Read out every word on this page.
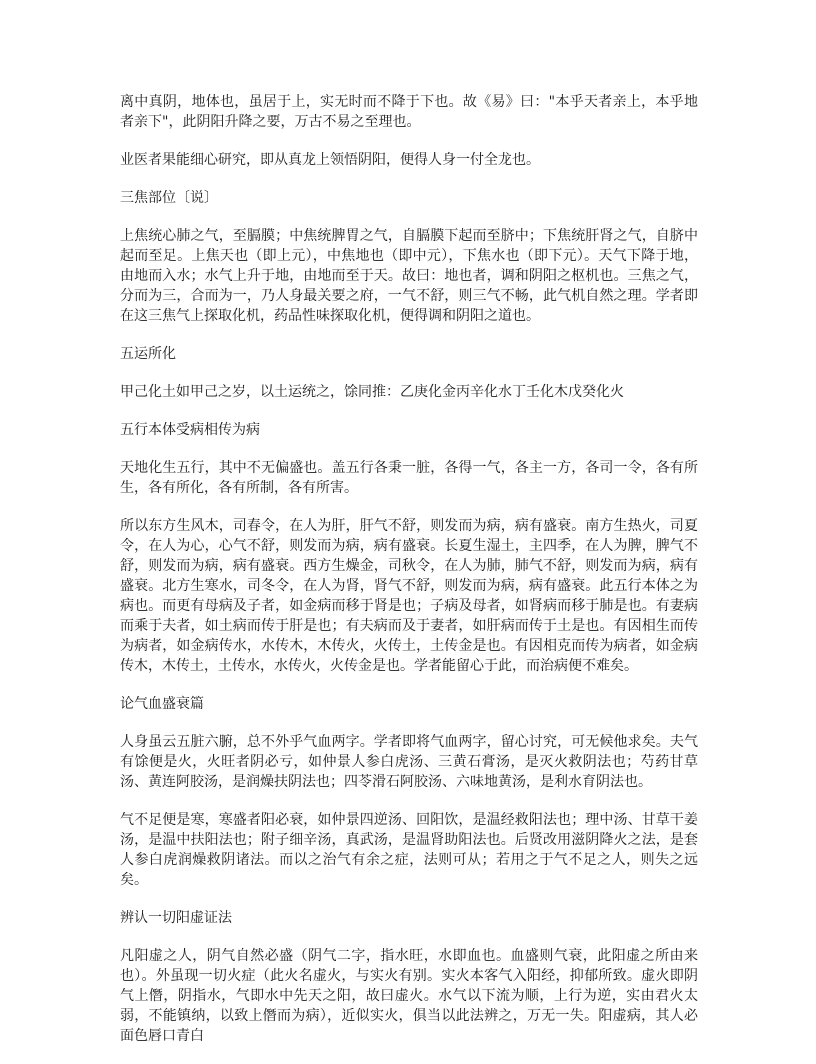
离中真阴，地体也，虽居于上，实无时而不降于下也。故《易》曰："本乎天者亲上，本乎地者亲下"，此阴阳升降之要，万古不易之至理也。

业医者果能细心研究，即从真龙上领悟阴阳，便得人身一付全龙也。

三焦部位〔说〕

上焦统心肺之气，至膈膜；中焦统脾胃之气，自膈膜下起而至脐中；下焦统肝肾之气，自脐中起而至足。上焦天也（即上元），中焦地也（即中元），下焦水也（即下元）。天气下降于地，由地而入水；水气上升于地，由地而至于天。故曰：地也者，调和阴阳之枢机也。三焦之气，分而为三，合而为一，乃人身最关要之府，一气不舒，则三气不畅，此气机自然之理。学者即在这三焦气上探取化机，药品性味探取化机，便得调和阴阳之道也。

五运所化

甲己化土如甲己之岁，以土运统之，馀同推：乙庚化金丙辛化水丁壬化木戊癸化火

五行本体受病相传为病

天地化生五行，其中不无偏盛也。盖五行各秉一脏，各得一气，各主一方，各司一令，各有所生，各有所化，各有所制，各有所害。

所以东方生风木，司春令，在人为肝，肝气不舒，则发而为病，病有盛衰。南方生热火，司夏令，在人为心，心气不舒，则发而为病，病有盛衰。长夏生湿土，主四季，在人为脾，脾气不舒，则发而为病，病有盛衰。西方生燥金，司秋令，在人为肺，肺气不舒，则发而为病，病有盛衰。北方生寒水，司冬令，在人为肾，肾气不舒，则发而为病，病有盛衰。此五行本体之为病也。而更有母病及子者，如金病而移于肾是也；子病及母者，如肾病而移于肺是也。有妻病而乘于夫者，如土病而传于肝是也；有夫病而及于妻者，如肝病而传于土是也。有因相生而传为病者，如金病传水，水传木，木传火，火传土，土传金是也。有因相克而传为病者，如金病传木，木传土，土传水，水传火，火传金是也。学者能留心于此，而治病便不难矣。

论气血盛衰篇

人身虽云五脏六腑，总不外乎气血两字。学者即将气血两字，留心讨究，可无候他求矣。夫气有馀便是火，火旺者阴必亏，如仲景人参白虎汤、三黄石膏汤，是灭火救阴法也；芍药甘草汤、黄连阿胶汤，是润燥扶阴法也；四苓滑石阿胶汤、六味地黄汤，是利水育阴法也。

气不足便是寒，寒盛者阳必衰，如仲景四逆汤、回阳饮，是温经救阳法也；理中汤、甘草干姜汤，是温中扶阳法也；附子细辛汤，真武汤，是温肾助阳法也。后贤改用滋阴降火之法，是套人参白虎润燥救阴诸法。而以之治气有余之症，法则可从；若用之于气不足之人，则失之远矣。

辨认一切阳虚证法

凡阳虚之人，阴气自然必盛（阴气二字，指水旺，水即血也。血盛则气衰，此阳虚之所由来也）。外虽现一切火症（此火名虚火，与实火有别。实火本客气入阳经，抑郁所致。虚火即阴气上僭，阴指水，气即水中先天之阳，故曰虚火。水气以下流为顺，上行为逆，实由君火太弱，不能镇纳，以致上僭而为病），近似实火，俱当以此法辨之，万无一失。阳虚病，其人必面色唇口青白
